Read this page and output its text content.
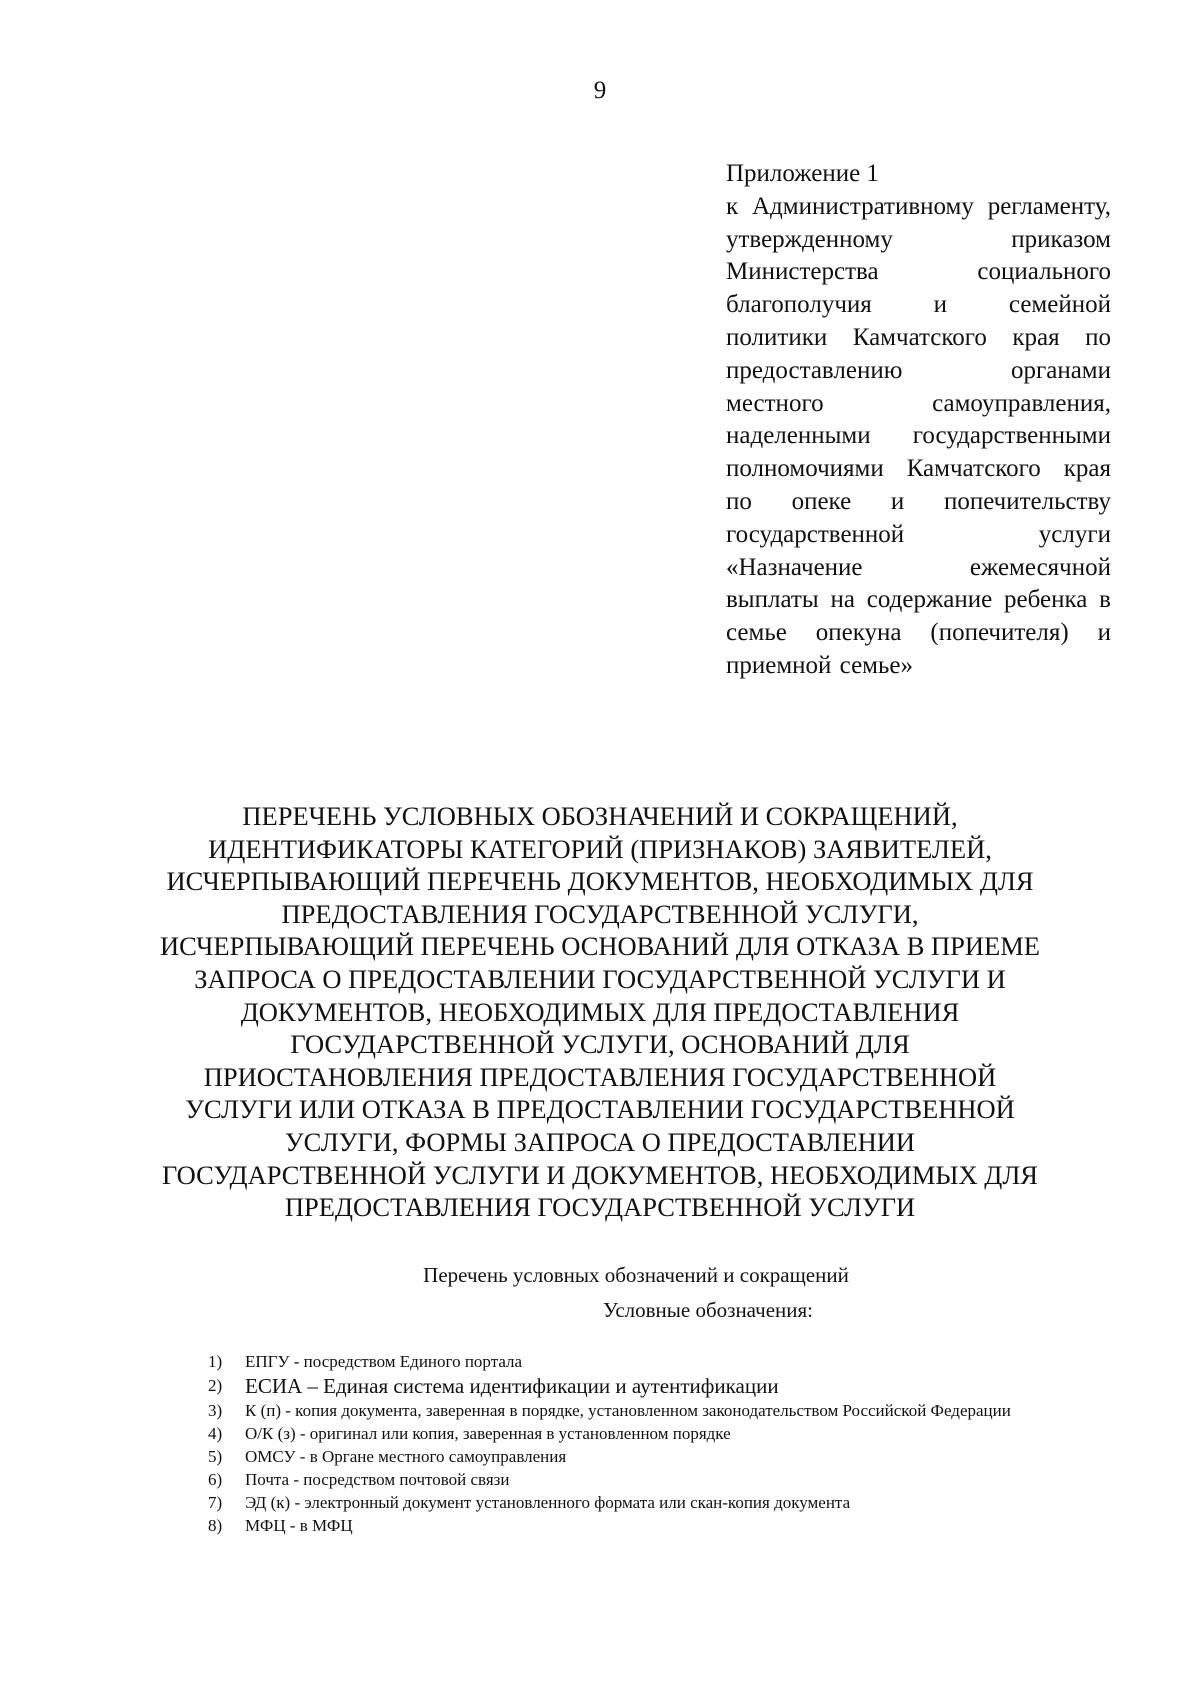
9
Приложение 1
к Административному регламенту, утвержденному приказом Министерства социального благополучия и семейной политики Камчатского края по предоставлению органами местного самоуправления, наделенными государственными полномочиями Камчатского края по опеке и попечительству государственной услуги «Назначение ежемесячной выплаты на содержание ребенка в семье опекуна (попечителя) и приемной семье»
ПЕРЕЧЕНЬ УСЛОВНЫХ ОБОЗНАЧЕНИЙ И СОКРАЩЕНИЙ,
ИДЕНТИФИКАТОРЫ КАТЕГОРИЙ (ПРИЗНАКОВ) ЗАЯВИТЕЛЕЙ,
ИСЧЕРПЫВАЮЩИЙ ПЕРЕЧЕНЬ ДОКУМЕНТОВ, НЕОБХОДИМЫХ ДЛЯ
ПРЕДОСТАВЛЕНИЯ ГОСУДАРСТВЕННОЙ УСЛУГИ,
ИСЧЕРПЫВАЮЩИЙ ПЕРЕЧЕНЬ ОСНОВАНИЙ ДЛЯ ОТКАЗА В ПРИЕМЕ
ЗАПРОСА О ПРЕДОСТАВЛЕНИИ ГОСУДАРСТВЕННОЙ УСЛУГИ И
ДОКУМЕНТОВ, НЕОБХОДИМЫХ ДЛЯ ПРЕДОСТАВЛЕНИЯ
ГОСУДАРСТВЕННОЙ УСЛУГИ, ОСНОВАНИЙ ДЛЯ
ПРИОСТАНОВЛЕНИЯ ПРЕДОСТАВЛЕНИЯ ГОСУДАРСТВЕННОЙ
УСЛУГИ ИЛИ ОТКАЗА В ПРЕДОСТАВЛЕНИИ ГОСУДАРСТВЕННОЙ
УСЛУГИ, ФОРМЫ ЗАПРОСА О ПРЕДОСТАВЛЕНИИ
ГОСУДАРСТВЕННОЙ УСЛУГИ И ДОКУМЕНТОВ, НЕОБХОДИМЫХ ДЛЯ
ПРЕДОСТАВЛЕНИЯ ГОСУДАРСТВЕННОЙ УСЛУГИ
Перечень условных обозначений и сокращений
Условные обозначения:
1) ЕПГУ - посредством Единого портала
2) ЕСИА – Единая система идентификации и аутентификации
3) К (п) - копия документа, заверенная в порядке, установленном законодательством Российской Федерации
4) О/К (з) - оригинал или копия, заверенная в установленном порядке
5) ОМСУ - в Органе местного самоуправления
6) Почта - посредством почтовой связи
7) ЭД (к) - электронный документ установленного формата или скан-копия документа
8) МФЦ - в МФЦ
